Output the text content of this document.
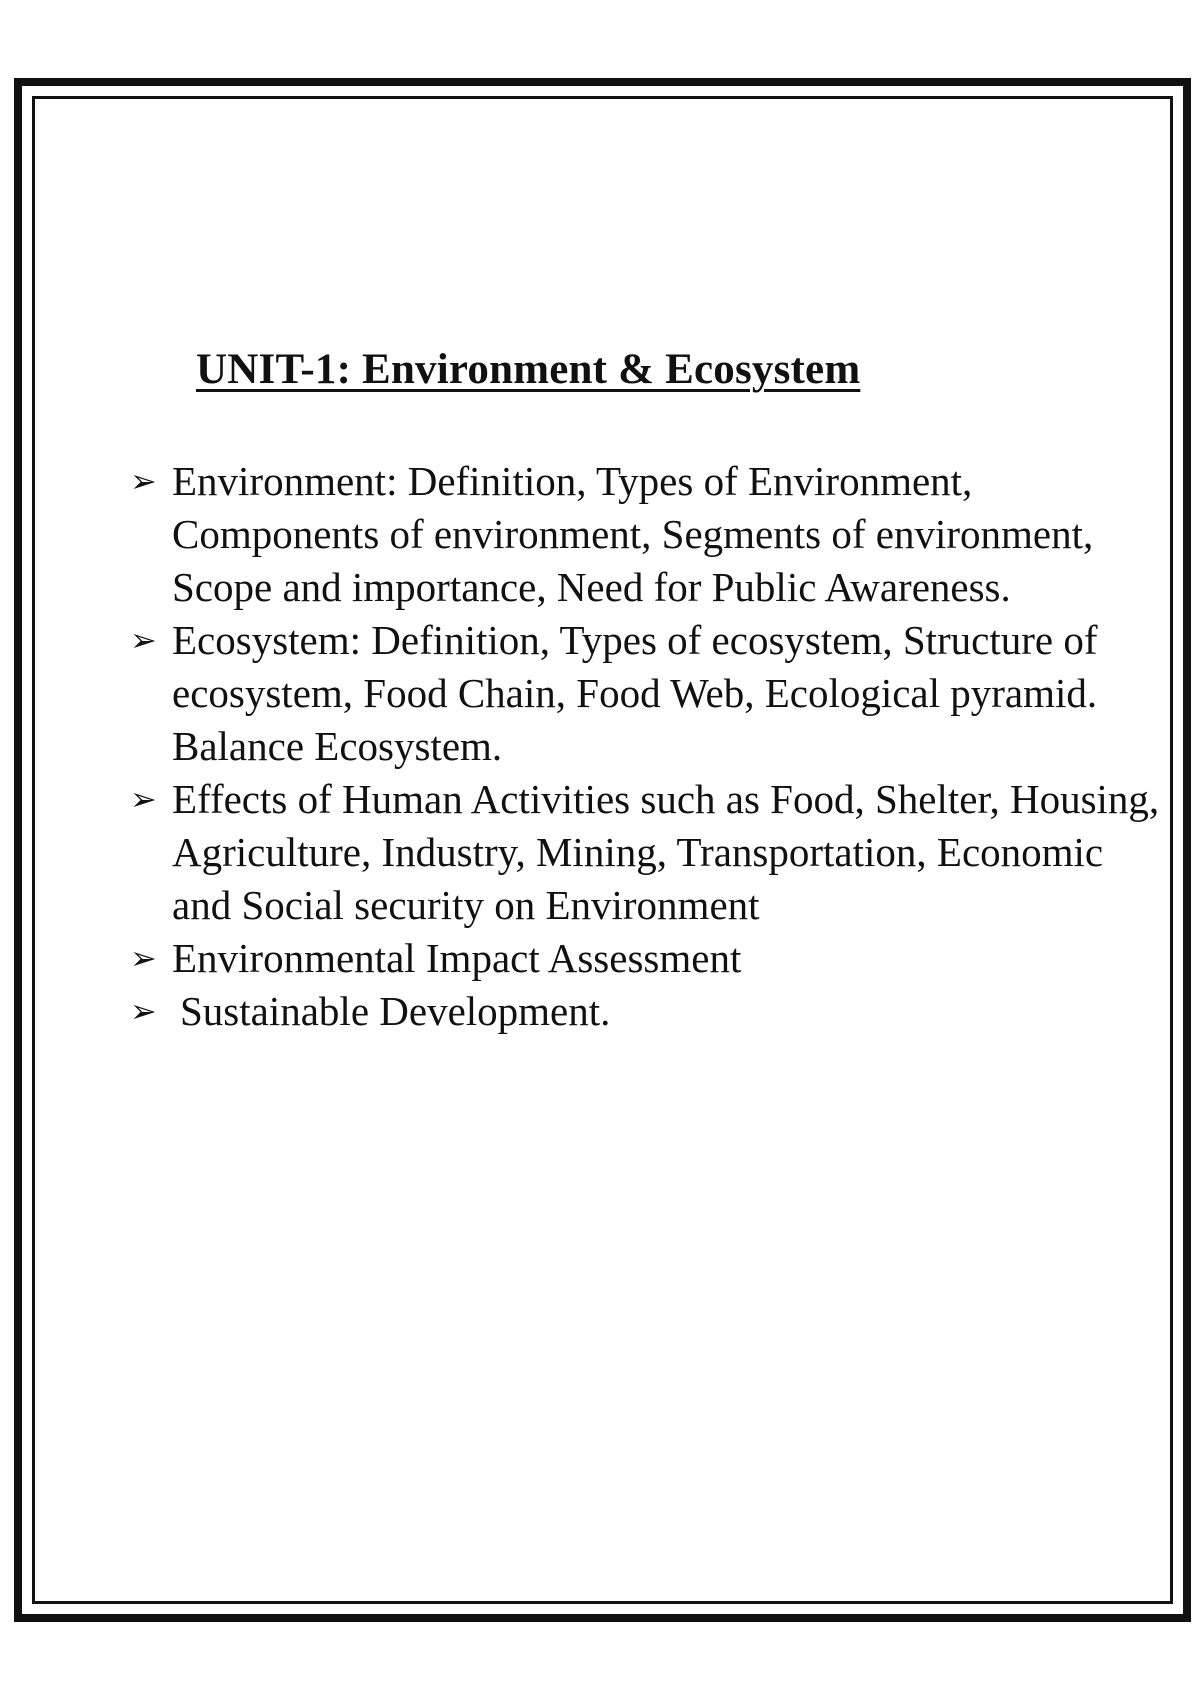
UNIT-1: Environment & Ecosystem
➢ Environment: Definition, Types of Environment, Components of environment, Segments of environment, Scope and importance, Need for Public Awareness.
➢ Ecosystem: Definition, Types of ecosystem, Structure of ecosystem, Food Chain, Food Web, Ecological pyramid. Balance Ecosystem.
➢ Effects of Human Activities such as Food, Shelter, Housing, Agriculture, Industry, Mining, Transportation, Economic and Social security on Environment
➢ Environmental Impact Assessment
➢ Sustainable Development.
